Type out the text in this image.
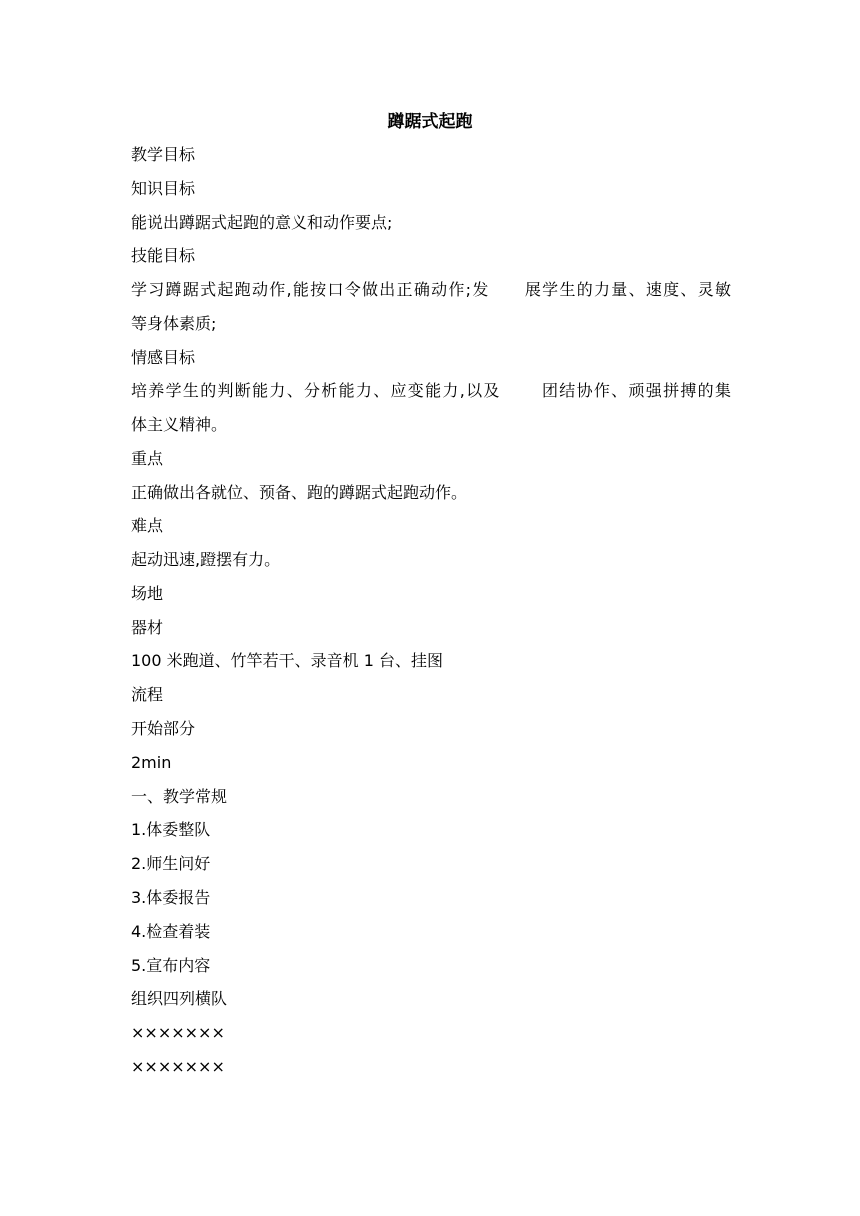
蹲踞式起跑
教学目标
知识目标
能说出蹲踞式起跑的意义和动作要点;
技能目标
学习蹲踞式起跑动作,能按口令做出正确动作;发 展学生的力量、速度、灵敏
等身体素质;
情感目标
培养学生的判断能力、分析能力、应变能力,以及	团结协作、顽强拼搏的集
体主义精神。
重点
正确做出各就位、预备、跑的蹲踞式起跑动作。
难点
起动迅速,蹬摆有力。
场地
器材
100 米跑道、竹竿若干、录音机 1 台、挂图
流程
开始部分
2min
一、教学常规
1.体委整队
2.师生问好
3.体委报告
4.检查着装
5.宣布内容
组织四列横队
×××××××
×××××××
